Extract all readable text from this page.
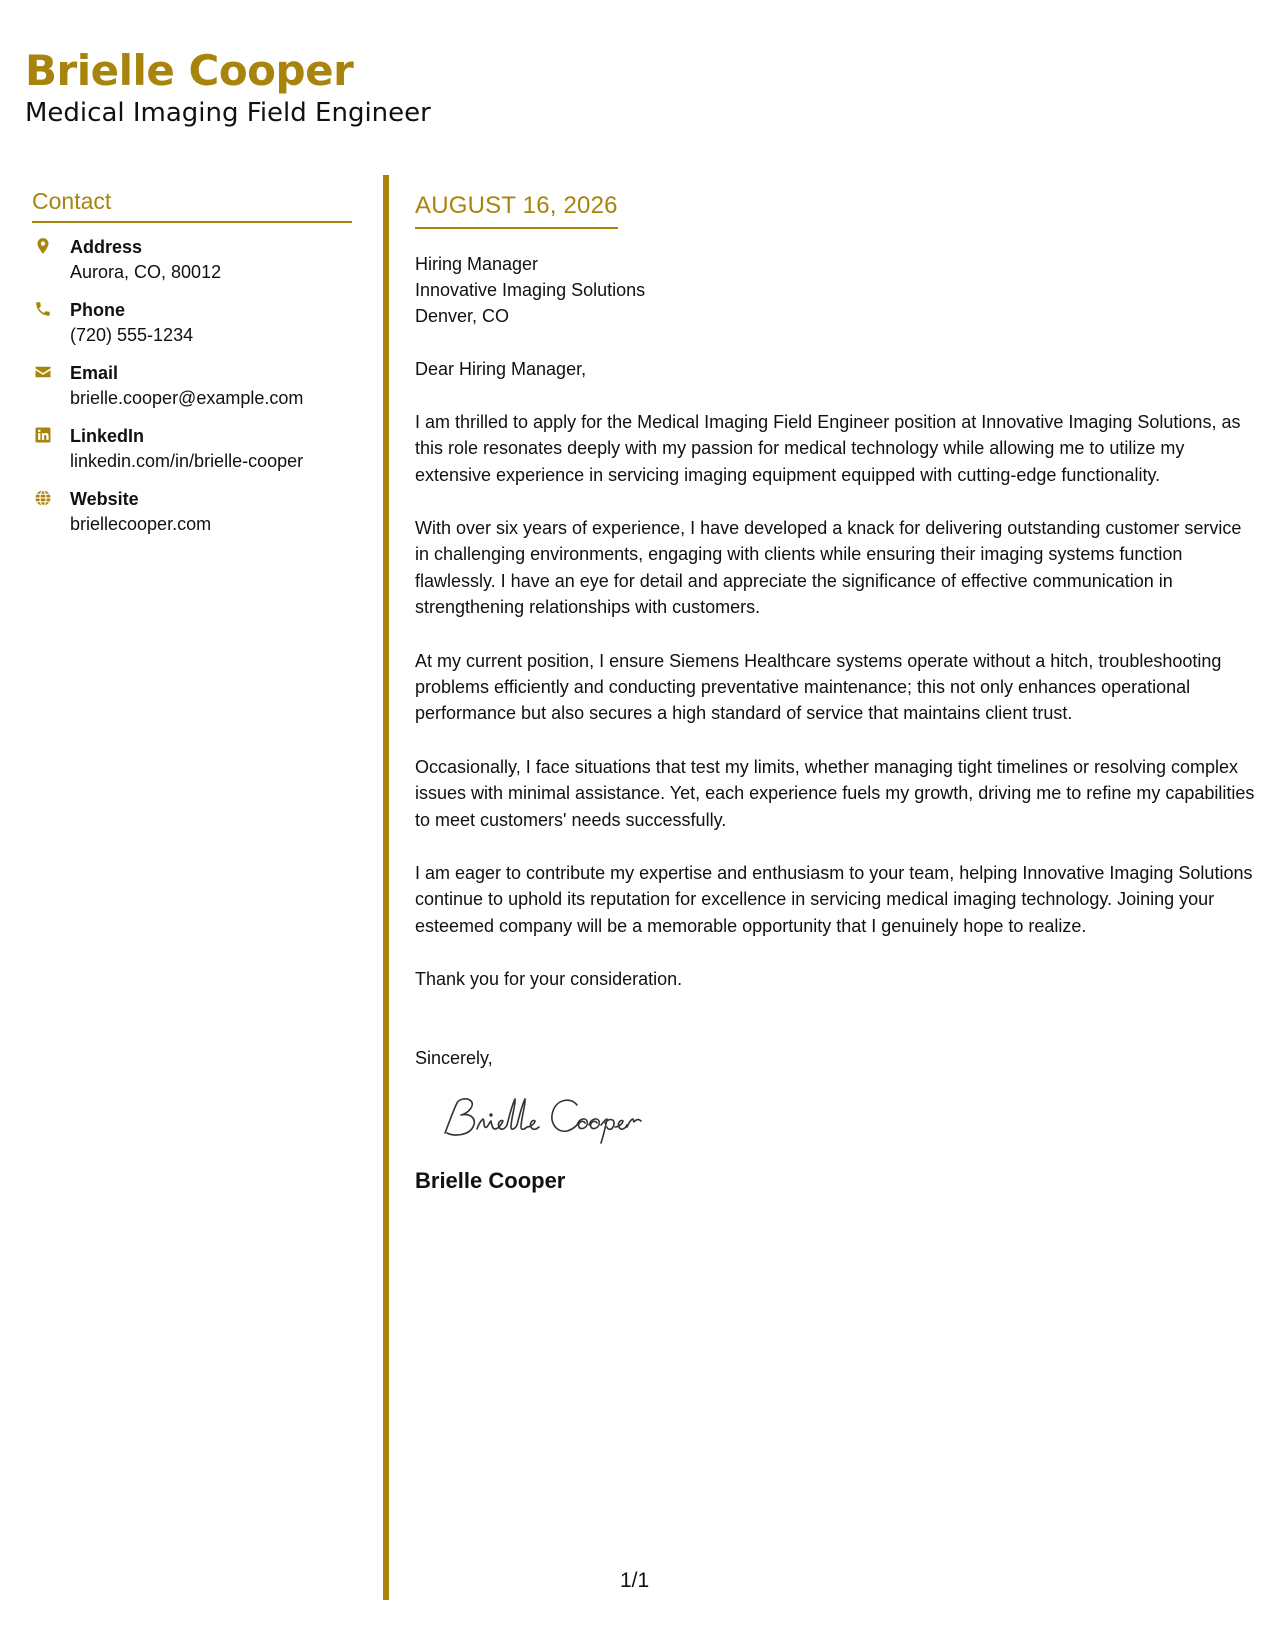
Brielle Cooper
Medical Imaging Field Engineer
Contact
Address
Aurora, CO, 80012
Phone
(720) 555-1234
Email
brielle.cooper@example.com
LinkedIn
linkedin.com/in/brielle-cooper
Website
briellecooper.com
AUGUST 16, 2026
Hiring Manager
Innovative Imaging Solutions
Denver, CO
Dear Hiring Manager,
I am thrilled to apply for the Medical Imaging Field Engineer position at Innovative Imaging Solutions, as this role resonates deeply with my passion for medical technology while allowing me to utilize my extensive experience in servicing imaging equipment equipped with cutting-edge functionality.
With over six years of experience, I have developed a knack for delivering outstanding customer service in challenging environments, engaging with clients while ensuring their imaging systems function flawlessly. I have an eye for detail and appreciate the significance of effective communication in strengthening relationships with customers.
At my current position, I ensure Siemens Healthcare systems operate without a hitch, troubleshooting problems efficiently and conducting preventative maintenance; this not only enhances operational performance but also secures a high standard of service that maintains client trust.
Occasionally, I face situations that test my limits, whether managing tight timelines or resolving complex issues with minimal assistance. Yet, each experience fuels my growth, driving me to refine my capabilities to meet customers' needs successfully.
I am eager to contribute my expertise and enthusiasm to your team, helping Innovative Imaging Solutions continue to uphold its reputation for excellence in servicing medical imaging technology. Joining your esteemed company will be a memorable opportunity that I genuinely hope to realize.
Thank you for your consideration.
Sincerely,
Brielle Cooper
1/1
